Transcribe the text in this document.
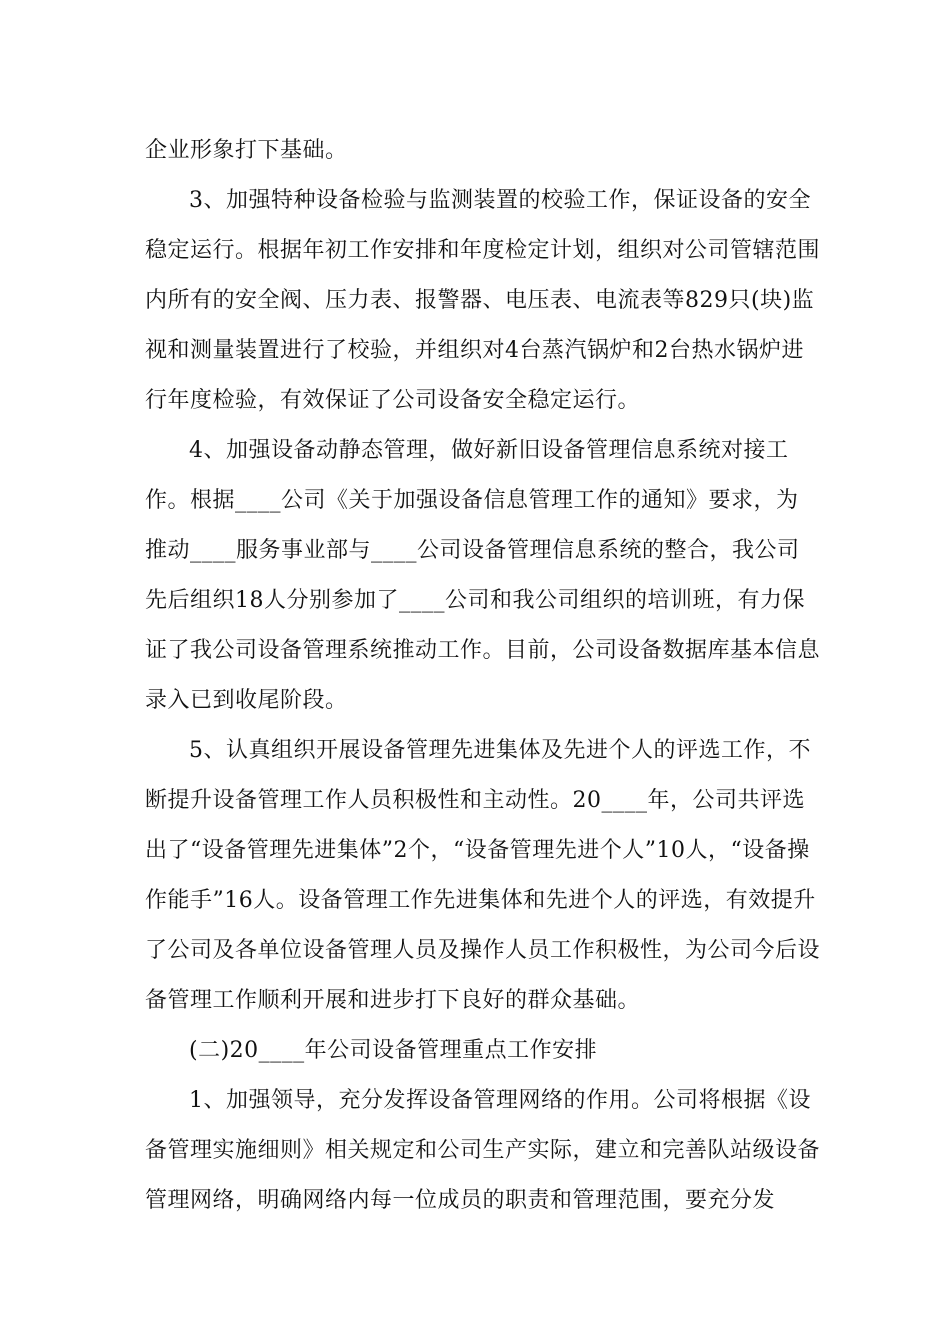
企业形象打下基础。

3、加强特种设备检验与监测装置的校验工作，保证设备的安全稳定运行。根据年初工作安排和年度检定计划，组织对公司管辖范围内所有的安全阀、压力表、报警器、电压表、电流表等829只(块)监视和测量装置进行了校验，并组织对4台蒸汽锅炉和2台热水锅炉进行年度检验，有效保证了公司设备安全稳定运行。

4、加强设备动静态管理，做好新旧设备管理信息系统对接工作。根据____公司《关于加强设备信息管理工作的通知》要求，为推动____服务事业部与____公司设备管理信息系统的整合，我公司先后组织18人分别参加了____公司和我公司组织的培训班，有力保证了我公司设备管理系统推动工作。目前，公司设备数据库基本信息录入已到收尾阶段。

5、认真组织开展设备管理先进集体及先进个人的评选工作，不断提升设备管理工作人员积极性和主动性。20____年，公司共评选出了“设备管理先进集体”2个，“设备管理先进个人”10人，“设备操作能手”16人。设备管理工作先进集体和先进个人的评选，有效提升了公司及各单位设备管理人员及操作人员工作积极性，为公司今后设备管理工作顺利开展和进步打下良好的群众基础。

(二)20____年公司设备管理重点工作安排

1、加强领导，充分发挥设备管理网络的作用。公司将根据《设备管理实施细则》相关规定和公司生产实际，建立和完善队站级设备管理网络，明确网络内每一位成员的职责和管理范围，要充分发
